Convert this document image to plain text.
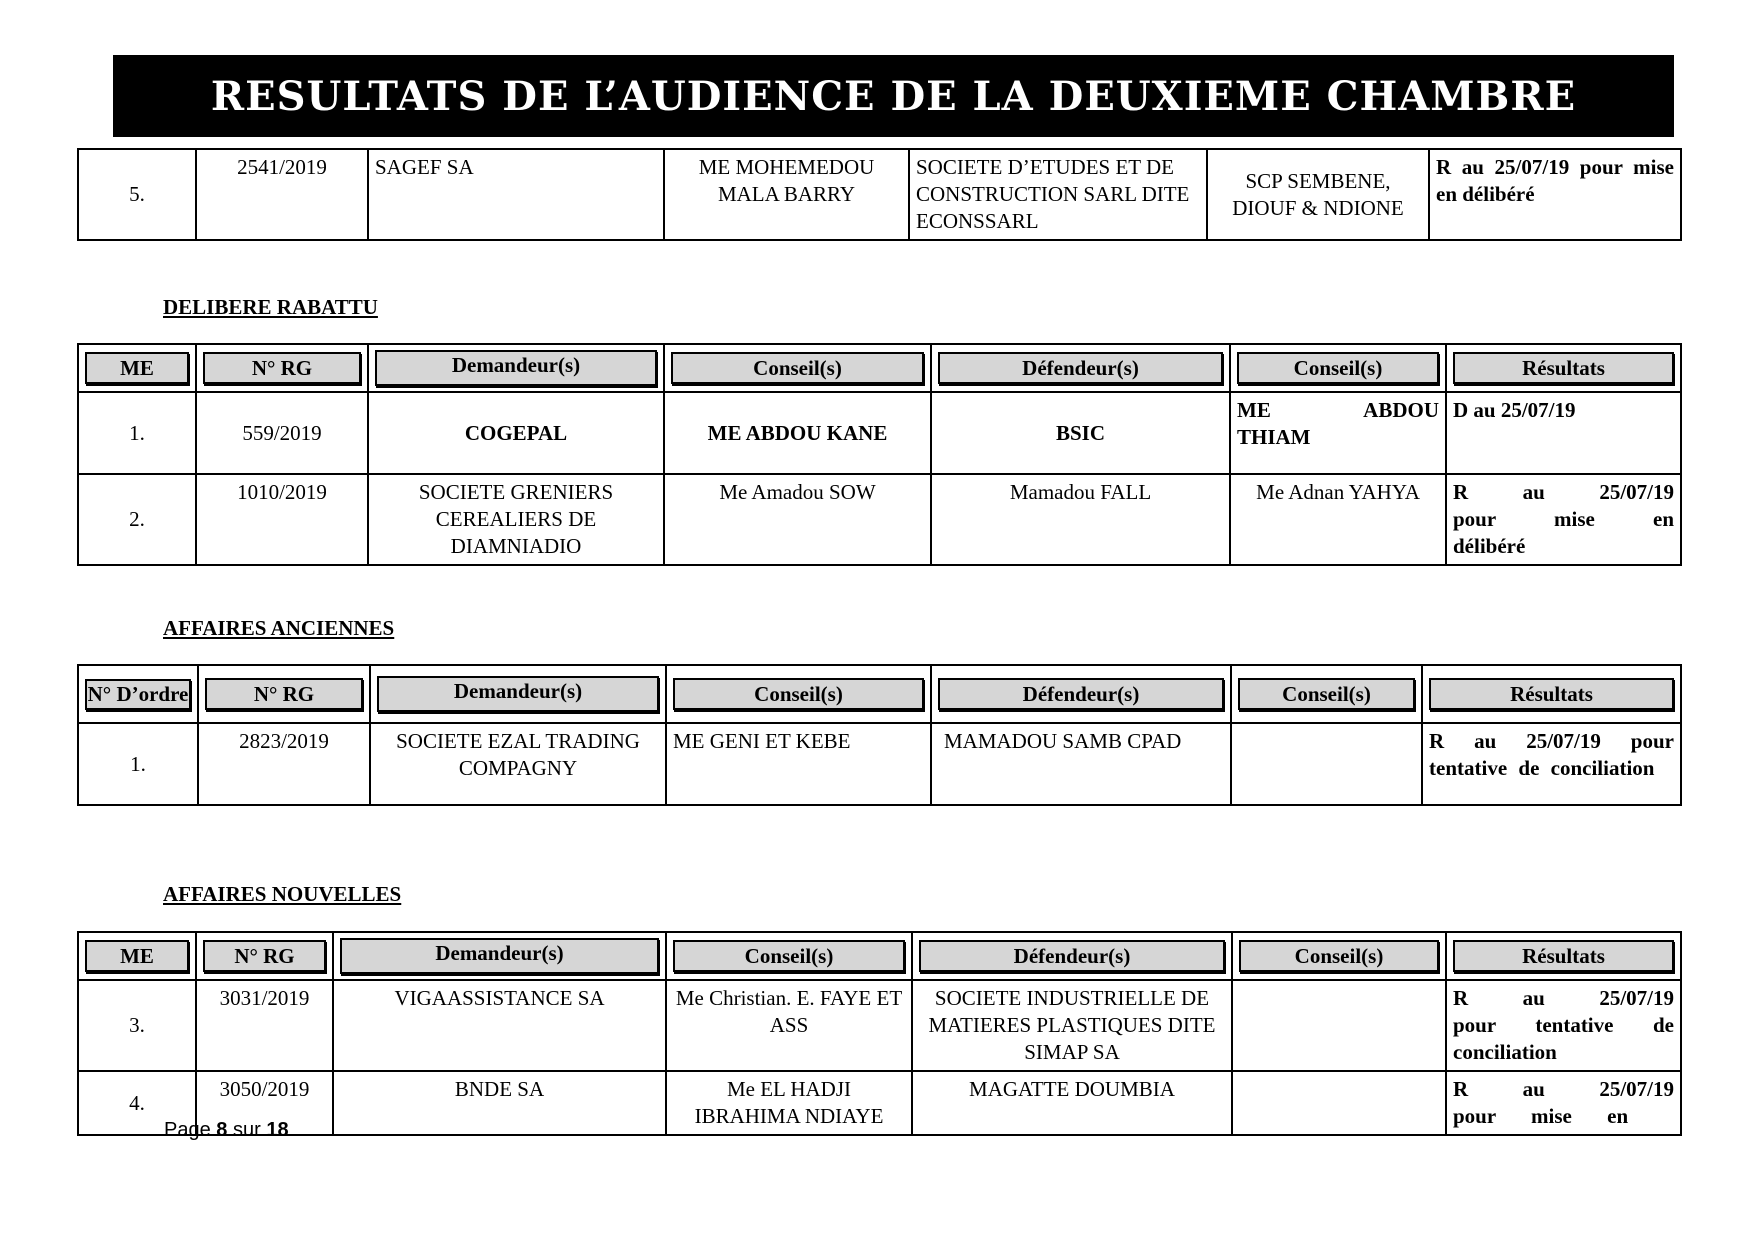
RESULTATS DE L’AUDIENCE DE LA DEUXIEME CHAMBRE
5.	2541/2019	SAGEF SA	ME MOHEMEDOU MALA BARRY	SOCIETE D’ETUDES ET DE CONSTRUCTION SARL DITE ECONSSARL	SCP SEMBENE, DIOUF & NDIONE	R au 25/07/19 pour mise en délibéré
DELIBERE RABATTU
ME	N° RG	Demandeur(s)	Conseil(s)	Défendeur(s)	Conseil(s)	Résultats

1.	559/2019	COGEPAL	ME ABDOU KANE	BSIC	ME ABDOU THIAM	D au 25/07/19
2.	1010/2019	SOCIETE GRENIERS CEREALIERS DE DIAMNIADIO	Me Amadou SOW	Mamadou FALL	Me Adnan YAHYA	R au 25/07/19 pour mise en délibéré
AFFAIRES ANCIENNES
N° D’ordre	N° RG	Demandeur(s)	Conseil(s)	Défendeur(s)	Conseil(s)	Résultats

1.	2823/2019	SOCIETE EZAL TRADING COMPAGNY	ME GENI ET KEBE	MAMADOU SAMB CPAD		R au 25/07/19 pour tentative de conciliation
AFFAIRES NOUVELLES
ME	N° RG	Demandeur(s)	Conseil(s)	Défendeur(s)	Conseil(s)	Résultats

3.	3031/2019	VIGAASSISTANCE SA	Me Christian. E. FAYE ET ASS	SOCIETE INDUSTRIELLE DE MATIERES PLASTIQUES DITE SIMAP SA		R au 25/07/19 pour tentative de conciliation
4.	3050/2019	BNDE SA	Me EL HADJI IBRAHIMA NDIAYE	MAGATTE DOUMBIA		R au 25/07/19 pour mise en
Page 8 sur 18
